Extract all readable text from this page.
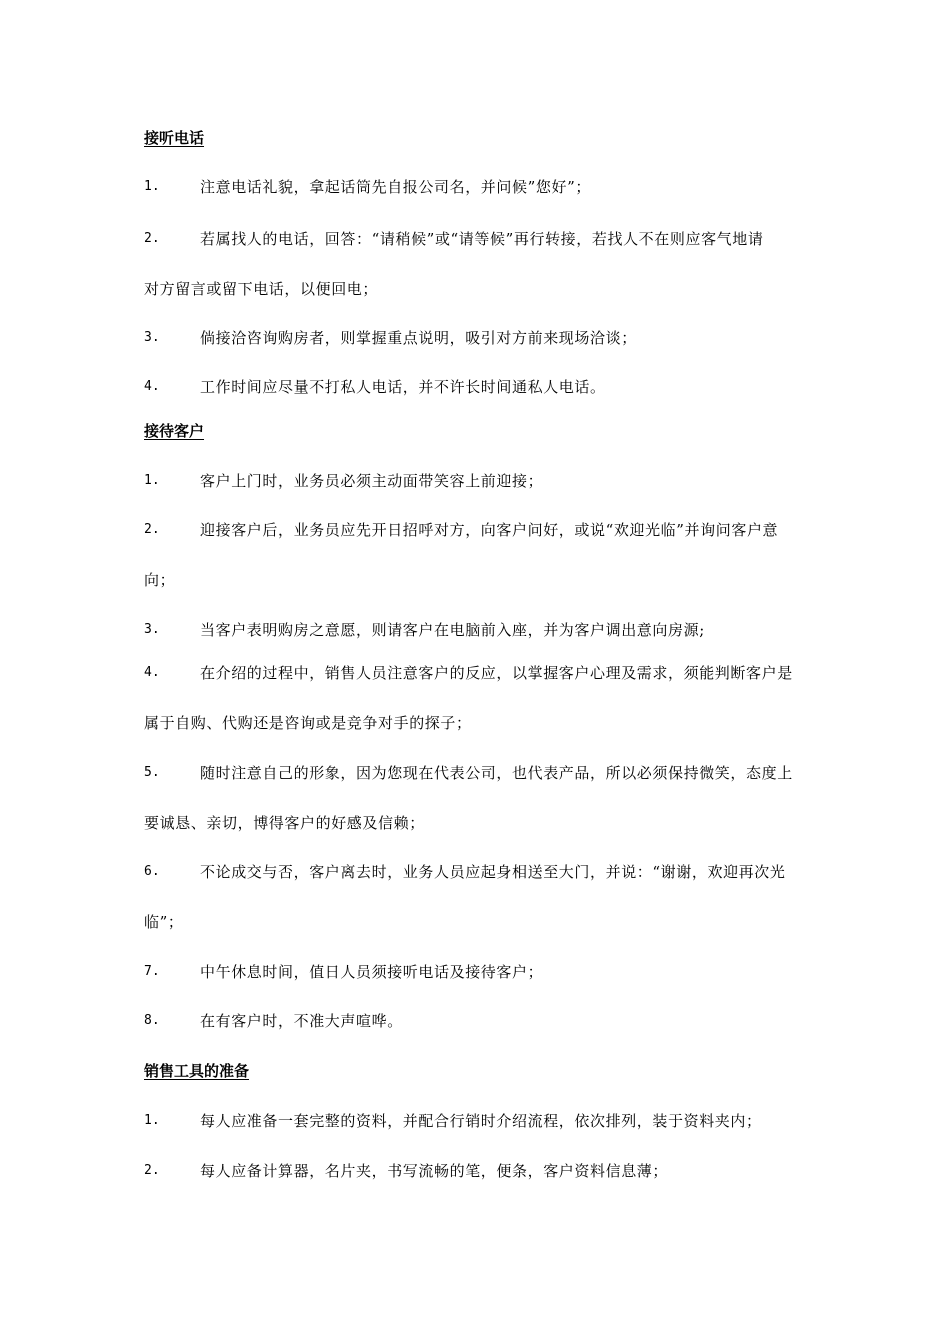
接听电话
1.	注意电话礼貌，拿起话筒先自报公司名，并问候”您好”；
2.	若属找人的电话，回答：“请稍候”或“请等候”再行转接，若找人不在则应客气地请
对方留言或留下电话，以便回电；
3.	倘接洽咨询购房者，则掌握重点说明，吸引对方前来现场洽谈；
4.	工作时间应尽量不打私人电话，并不许长时间通私人电话。
接待客户
1.	客户上门时，业务员必须主动面带笑容上前迎接；
2.	迎接客户后，业务员应先开日招呼对方，向客户问好，或说“欢迎光临”并询问客户意
向；
3.	当客户表明购房之意愿，则请客户在电脑前入座，并为客户调出意向房源;
4.	在介绍的过程中，销售人员注意客户的反应，以掌握客户心理及需求，须能判断客户是
属于自购、代购还是咨询或是竞争对手的探子；
5.	随时注意自己的形象，因为您现在代表公司，也代表产品，所以必须保持微笑，态度上
要诚恳、亲切，博得客户的好感及信赖；
6.	不论成交与否，客户离去时，业务人员应起身相送至大门，并说：“谢谢，欢迎再次光
临”；
7.	中午休息时间，值日人员须接听电话及接待客户；
8.	在有客户时，不准大声喧哗。
销售工具的准备
1.	每人应准备一套完整的资料，并配合行销时介绍流程，依次排列，装于资料夹内；
2.	每人应备计算器，名片夹，书写流畅的笔，便条，客户资料信息薄；
